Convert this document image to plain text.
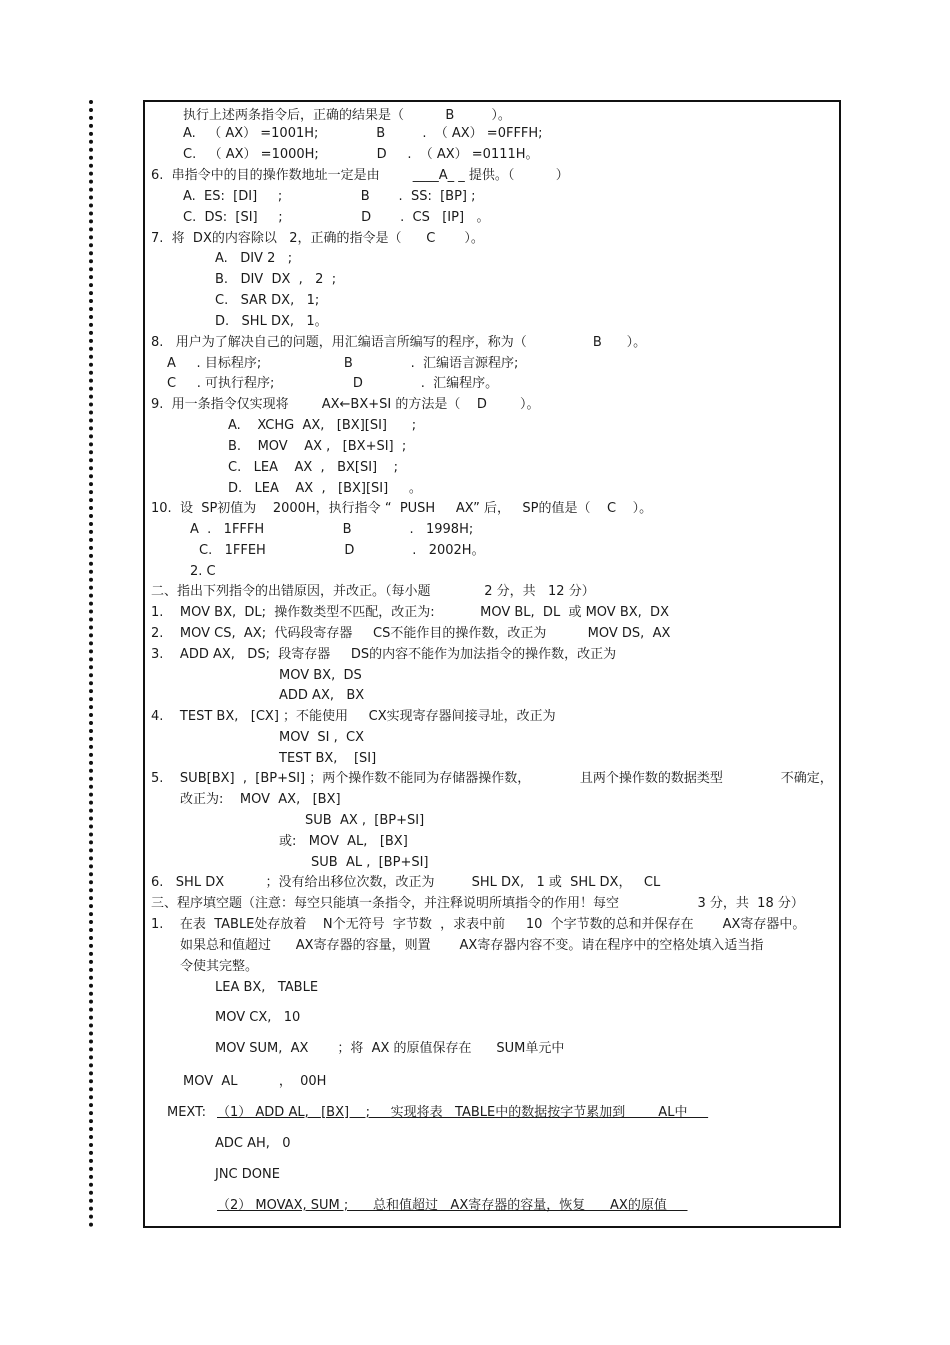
执行上述两条指令后，正确的结果是（          B         ）。
A.   （ AX） =1001H;              B         .  （ AX） =0FFFH;
C.   （ AX） =1000H;              D     .  （ AX） =0111H。
6.  串指令中的目的操作数地址一定是由        ____A_ _ 提供。（          ）
A.  ES:  [DI]     ;                   B       .  SS:  [BP] ;
C.  DS:  [SI]     ;                   D       .  CS   [IP]   。
7.  将  DX的内容除以   2，正确的指令是（      C       ）。
A.   DIV 2   ;
B.   DIV  DX  ,   2  ;
C.   SAR DX,   1;
D.   SHL DX,   1。
8.   用户为了解决自己的问题，用汇编语言所编写的程序，称为（                B      ）。
A     . 目标程序;                    B              .  汇编语言源程序;
C     . 可执行程序;                   D              .  汇编程序。
9.  用一条指令仅实现将        AX←BX+SI 的方法是（    D        ）。
A.    XCHG  AX,   [BX][SI]      ;
B.    MOV    AX ,   [BX+SI]  ;
C.   LEA    AX  ,   BX[SI]    ;
D.   LEA    AX  ,   [BX][SI]     。
10.  设  SP初值为    2000H，执行指令 “  PUSH     AX” 后，   SP的值是（    C    ）。
A  .   1FFFH                   B              .   1998H;
C.   1FFEH                   D              .   2002H。
2. C
二、指出下列指令的出错原因，并改正。（每小题             2 分，共   12 分）
1.    MOV BX,  DL;  操作数类型不匹配，改正为:           MOV BL,  DL  或 MOV BX,  DX
2.    MOV CS,  AX;  代码段寄存器     CS不能作目的操作数，改正为          MOV DS,  AX
3.    ADD AX,   DS;  段寄存器     DS的内容不能作为加法指令的操作数，改正为
MOV BX,  DS
ADD AX,   BX
4.    TEST BX,   [CX] ；不能使用     CX实现寄存器间接寻址，改正为
MOV  SI ,  CX
TEST BX,    [SI]
5.    SUB[BX]  ,  [BP+SI] ；两个操作数不能同为存储器操作数，            且两个操作数的数据类型              不确定，
改正为:    MOV  AX,   [BX]
SUB  AX ,  [BP+SI]
或:   MOV  AL,   [BX]
SUB  AL ,  [BP+SI]
6.   SHL DX          ；没有给出移位次数，改正为         SHL DX,   1 或  SHL DX，   CL
三、程序填空题（注意：每空只能填一条指令，并注释说明所填指令的作用！每空                   3 分，共  18 分）
1.    在表  TABLE处存放着    N个无符号  字节数  ，求表中前     10  个字节数的总和并保存在       AX寄存器中。
如果总和值超过      AX寄存器的容量，则置       AX寄存器内容不变。请在程序中的空格处填入适当指
令使其完整。
LEA BX,   TABLE
MOV CX,   10
MOV SUM,  AX       ；将  AX 的原值保存在      SUM单元中
MOV  AL          ，  00H
MEXT: （1） ADD AL,   [BX]    ;     实现将表   TABLE中的数据按字节累加到        AL中
ADC AH,   0
JNC DONE
（2） MOVAX, SUM ;      总和值超过   AX寄存器的容量，恢复      AX的原值
